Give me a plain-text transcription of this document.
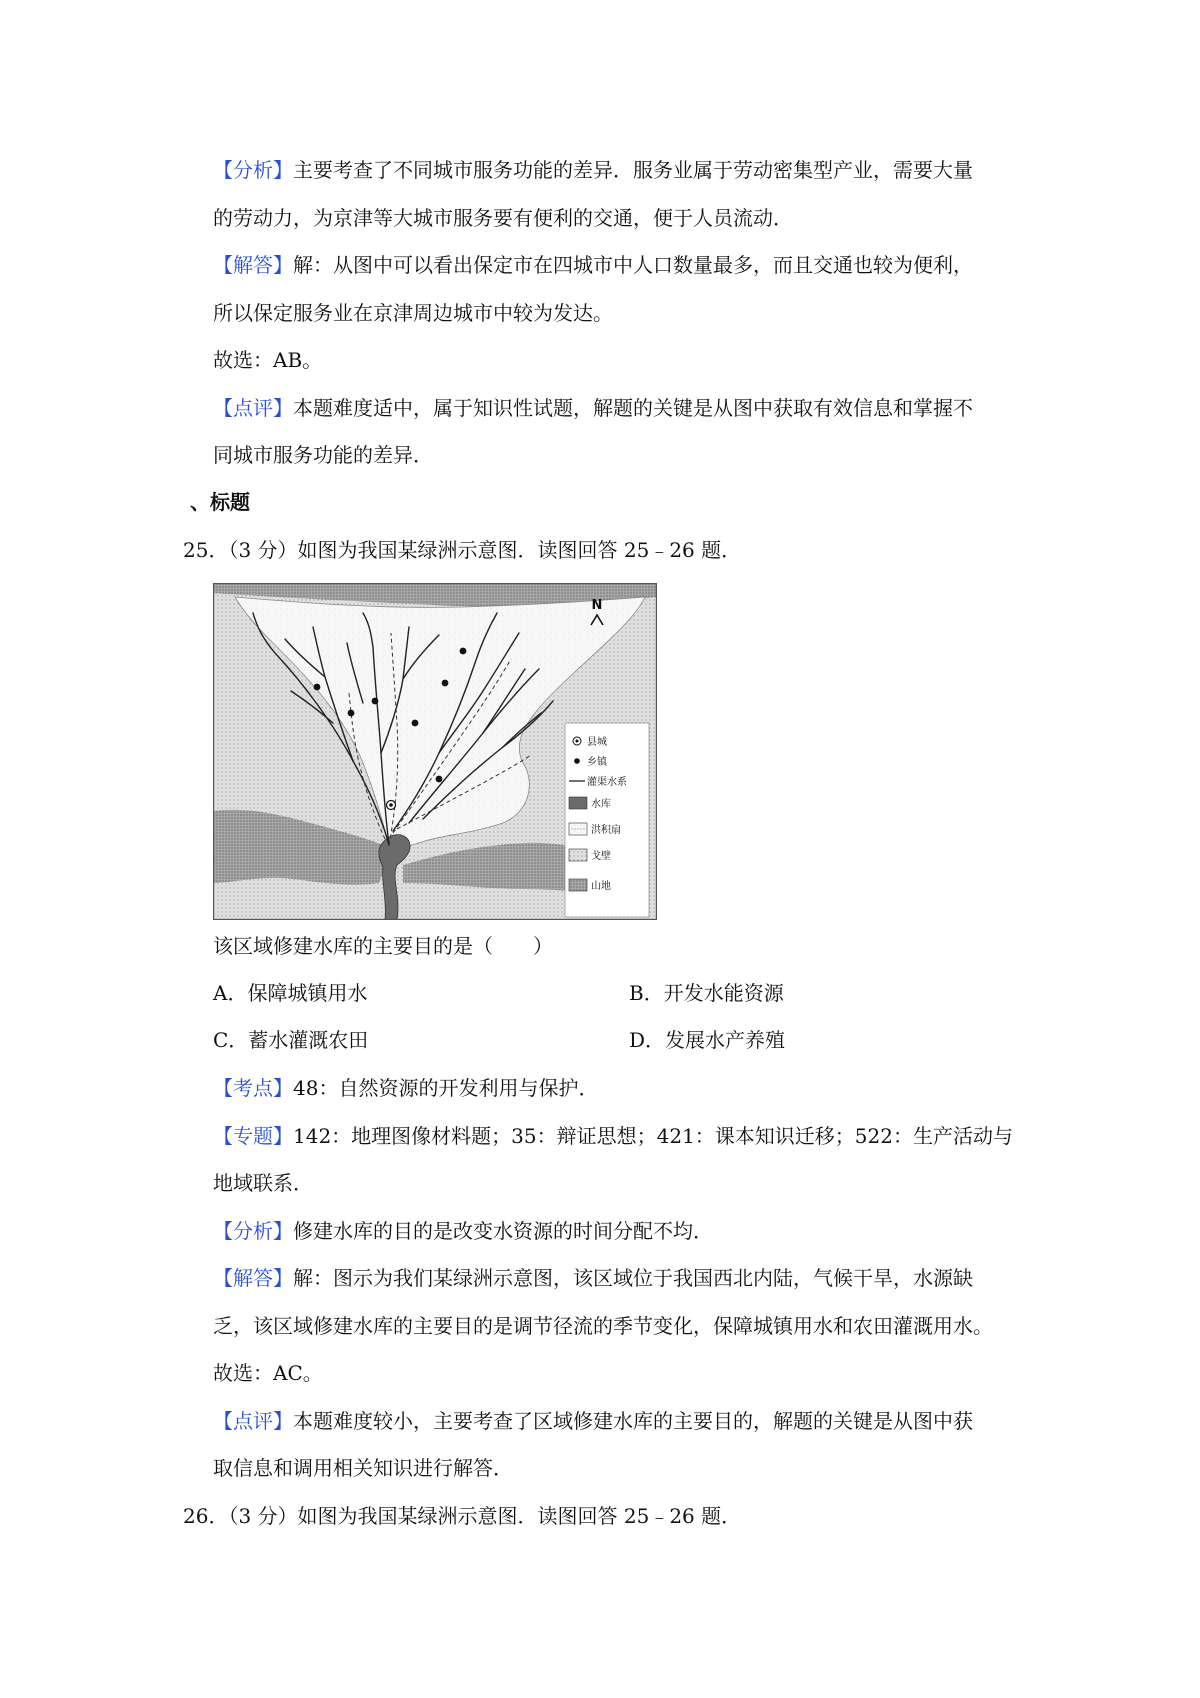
【分析】主要考查了不同城市服务功能的差异．服务业属于劳动密集型产业，需要大量
的劳动力，为京津等大城市服务要有便利的交通，便于人员流动．
【解答】解：从图中可以看出保定市在四城市中人口数量最多，而且交通也较为便利，
所以保定服务业在京津周边城市中较为发达。
故选：AB。
【点评】本题难度适中，属于知识性试题，解题的关键是从图中获取有效信息和掌握不
同城市服务功能的差异．
、标题
25．（3 分）如图为我国某绿洲示意图．读图回答 25﹣26 题．
N
县城
乡镇
灌渠水系
水库
洪积扇
戈壁
山地
该区域修建水库的主要目的是（　　）
A．保障城镇用水	B．开发水能资源
C．蓄水灌溉农田	D．发展水产养殖
【考点】48：自然资源的开发利用与保护．
【专题】142：地理图像材料题；35：辩证思想；421：课本知识迁移；522：生产活动与
地域联系．
【分析】修建水库的目的是改变水资源的时间分配不均．
【解答】解：图示为我们某绿洲示意图，该区域位于我国西北内陆，气候干旱，水源缺
乏，该区域修建水库的主要目的是调节径流的季节变化，保障城镇用水和农田灌溉用水。
故选：AC。
【点评】本题难度较小，主要考查了区域修建水库的主要目的，解题的关键是从图中获
取信息和调用相关知识进行解答．
26．（3 分）如图为我国某绿洲示意图．读图回答 25﹣26 题．
